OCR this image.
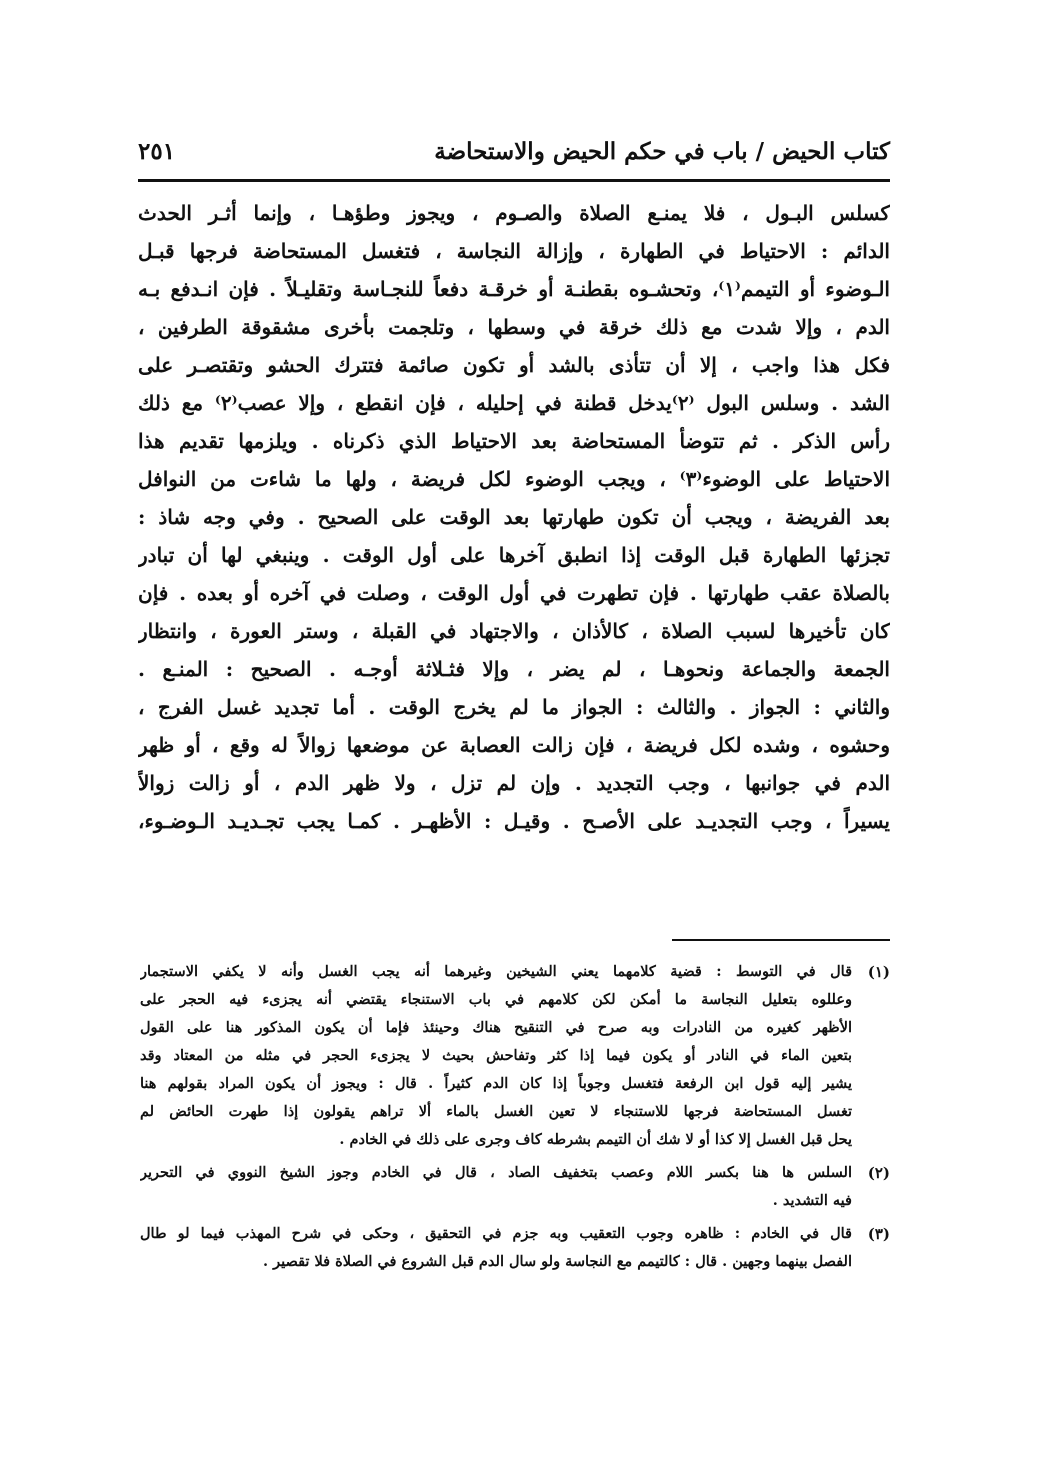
كتاب الحيض / باب في حكم الحيض والاستحاضة
٢٥١
كسلس البـول ، فلا يمنـع الصلاة والصـوم ، ويجوز وطؤهـا ، وإنما أثـر الحدث
الدائم : الاحتياط في الطهارة ، وإزالة النجاسة ، فتغسل المستحاضة فرجها قبـل
الـوضوء أو التيمم⁽١⁾، وتحشـوه بقطنـة أو خرقـة دفعاً للنجـاسة وتقليـلاً . فإن انـدفع بـه
الدم ، وإلا شدت مع ذلك خرقة في وسطها ، وتلجمت بأخرى مشقوقة الطرفين ،
فكل هذا واجب ، إلا أن تتأذى بالشد أو تكون صائمة فتترك الحشو وتقتصـر على
الشد . وسلس البول ⁽٢⁾يدخل قطنة في إحليله ، فإن انقطع ، وإلا عصب⁽٢⁾ مع ذلك
رأس الذكر . ثم تتوضأ المستحاضة بعد الاحتياط الذي ذكرناه . ويلزمها تقديم هذا
الاحتياط على الوضوء⁽٣⁾ ، ويجب الوضوء لكل فريضة ، ولها ما شاءت من النوافل
بعد الفريضة ، ويجب أن تكون طهارتها بعد الوقت على الصحيح . وفي وجه شاذ :
تجزئها الطهارة قبل الوقت إذا انطبق آخرها على أول الوقت . وينبغي لها أن تبادر
بالصلاة عقب طهارتها . فإن تطهرت في أول الوقت ، وصلت في آخره أو بعده . فإن
كان تأخيرها لسبب الصلاة ، كالأذان ، والاجتهاد في القبلة ، وستر العورة ، وانتظار
الجمعة والجماعة ونحوهـا ، لم يضر ، وإلا فثـلاثة أوجـه . الصحيح : المنـع .
والثاني : الجواز . والثالث : الجواز ما لم يخرج الوقت . أما تجديد غسل الفرج ،
وحشوه ، وشده لكل فريضة ، فإن زالت العصابة عن موضعها زوالاً له وقع ، أو ظهر
الدم في جوانبها ، وجب التجديد . وإن لم تزل ، ولا ظهر الدم ، أو زالت زوالاً
يسيراً ، وجب التجديـد على الأصـح . وقيـل : الأظهـر . كمـا يجب تجـديـد الـوضـوء،
(١)
قال في التوسط : قضية كلامهما يعني الشيخين وغيرهما أنه يجب الغسل وأنه لا يكفي الاستجمار
وعللوه بتعليل النجاسة ما أمكن لكن كلامهم في باب الاستنجاء يقتضي أنه يجزىء فيه الحجر على
الأظهر كغيره من النادرات وبه صرح في التنقيح هناك وحينئذ فإما أن يكون المذكور هنا على القول
بتعين الماء في النادر أو يكون فيما إذا كثر وتفاحش بحيث لا يجزىء الحجر في مثله من المعتاد وقد
يشير إليه قول ابن الرفعة فتغسل وجوباً إذا كان الدم كثيراً . قال : ويجوز أن يكون المراد بقولهم هنا
تغسل المستحاضة فرجها للاستنجاء لا تعين الغسل بالماء ألا تراهم يقولون إذا طهرت الحائض لم
يحل قبل الغسل إلا كذا أو لا شك أن التيمم بشرطه كاف وجرى على ذلك في الخادم .
(٢)
السلس ها هنا بكسر اللام وعصب بتخفيف الصاد ، قال في الخادم وجوز الشيخ النووي في التحرير
فيه التشديد .
(٣)
قال في الخادم : ظاهره وجوب التعقيب وبه جزم في التحقيق ، وحكى في شرح المهذب فيما لو طال
الفصل بينهما وجهين . قال : كالتيمم مع النجاسة ولو سال الدم قبل الشروع في الصلاة فلا تقصير .
